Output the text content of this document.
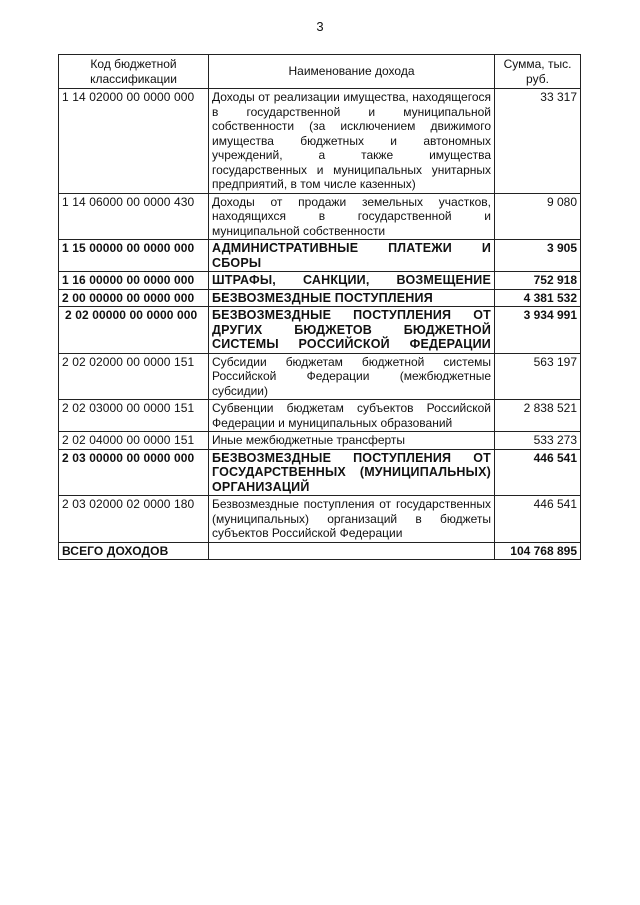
3
Код бюджетной классификации	Наименование дохода	Сумма, тыс. руб.
1 14 02000 00 0000 000	Доходы от реализации имущества, находящегося в государственной и муниципальной собственности (за исключением движимого имущества бюджетных и автономных учреждений, а также имущества государственных и муниципальных унитарных предприятий, в том числе казенных)	33 317
1 14 06000 00 0000 430	Доходы от продажи земельных участков, находящихся в государственной и муниципальной собственности	9 080
1 15 00000 00 0000 000	АДМИНИСТРАТИВНЫЕ ПЛАТЕЖИ И СБОРЫ	3 905
1 16 00000 00 0000 000	ШТРАФЫ, САНКЦИИ, ВОЗМЕЩЕНИЕ	752 918
2 00 00000 00 0000 000	БЕЗВОЗМЕЗДНЫЕ ПОСТУПЛЕНИЯ	4 381 532
2 02 00000 00 0000 000	БЕЗВОЗМЕЗДНЫЕ ПОСТУПЛЕНИЯ ОТ ДРУГИХ БЮДЖЕТОВ БЮДЖЕТНОЙ СИСТЕМЫ РОССИЙСКОЙ ФЕДЕРАЦИИ	3 934 991
2 02 02000 00 0000 151	Субсидии бюджетам бюджетной системы Российской Федерации (межбюджетные субсидии)	563 197
2 02 03000 00 0000 151	Субвенции бюджетам субъектов Российской Федерации и муниципальных образований	2 838 521
2 02 04000 00 0000 151	Иные межбюджетные трансферты	533 273
2 03 00000 00 0000 000	БЕЗВОЗМЕЗДНЫЕ ПОСТУПЛЕНИЯ ОТ ГОСУДАРСТВЕННЫХ (МУНИЦИПАЛЬНЫХ) ОРГАНИЗАЦИЙ	446 541
2 03 02000 02 0000 180	Безвозмездные поступления от государственных (муниципальных) организаций в бюджеты субъектов Российской Федерации	446 541
ВСЕГО ДОХОДОВ		104 768 895
